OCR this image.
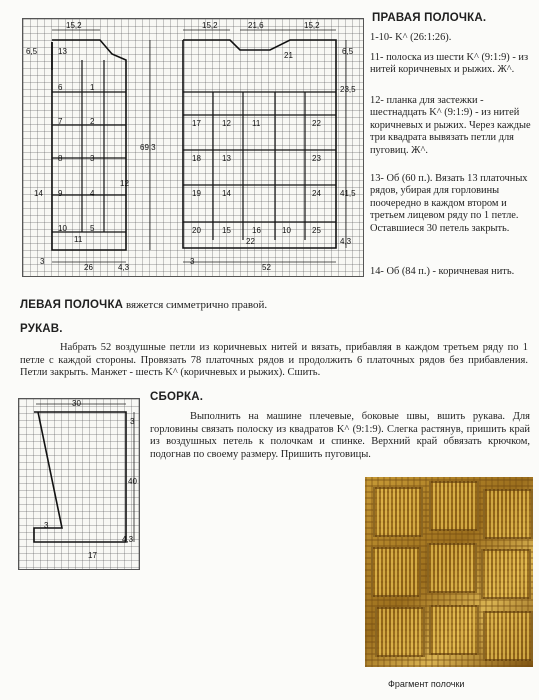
15,2
6,5	13
6
7
8
9
10
11
1
2
3
4
5
12
14
3
26	4,3
69,3
15,2	21,6	15,2
6,5
23,5
41,5
4,3
21
17
18
19
20
12
13
14
15	16
22
23
24
25
10
11
22
3
52
ПРАВАЯ ПОЛОЧКА.
1-10- K^ (26:1:26).
11- полоска из шести K^ (9:1:9) - из нитей коричневых и рыжих. Ж^.
12- планка для застежки - шестнадцать K^ (9:1:9) - из нитей коричневых и рыжих. Через каждые три квадрата вывязать петли для пуговиц. Ж^.
13- Об (60 п.). Вязать 13 платочных рядов, убирая для горловины поочередно в каждом втором и третьем лицевом ряду по 1 петле. Оставшиеся 30 петель закрыть.
14- Об (84 п.) - коричневая нить.
ЛЕВАЯ ПОЛОЧКА вяжется симметрично правой.
РУКАВ.
Набрать 52 воздушные петли из коричневых нитей и вязать, прибавляя в каждом третьем ряду по 1 петле с каждой стороны. Провязать 78 платочных рядов и продолжить 6 платочных рядов без прибавления. Петли закрыть. Манжет - шесть K^ (коричневых и рыжих). Сшить.
30
3
40
4,3
3
17
СБОРКА.
Выполнить на машине плечевые, боковые швы, вшить рукава. Для горловины связать полоску из квадратов K^ (9:1:9). Слегка растянув, пришить край из воздушных петель к полочкам и спинке. Верхний край обвязать крючком, подогнав по своему размеру. Пришить пуговицы.
Фрагмент полочки
